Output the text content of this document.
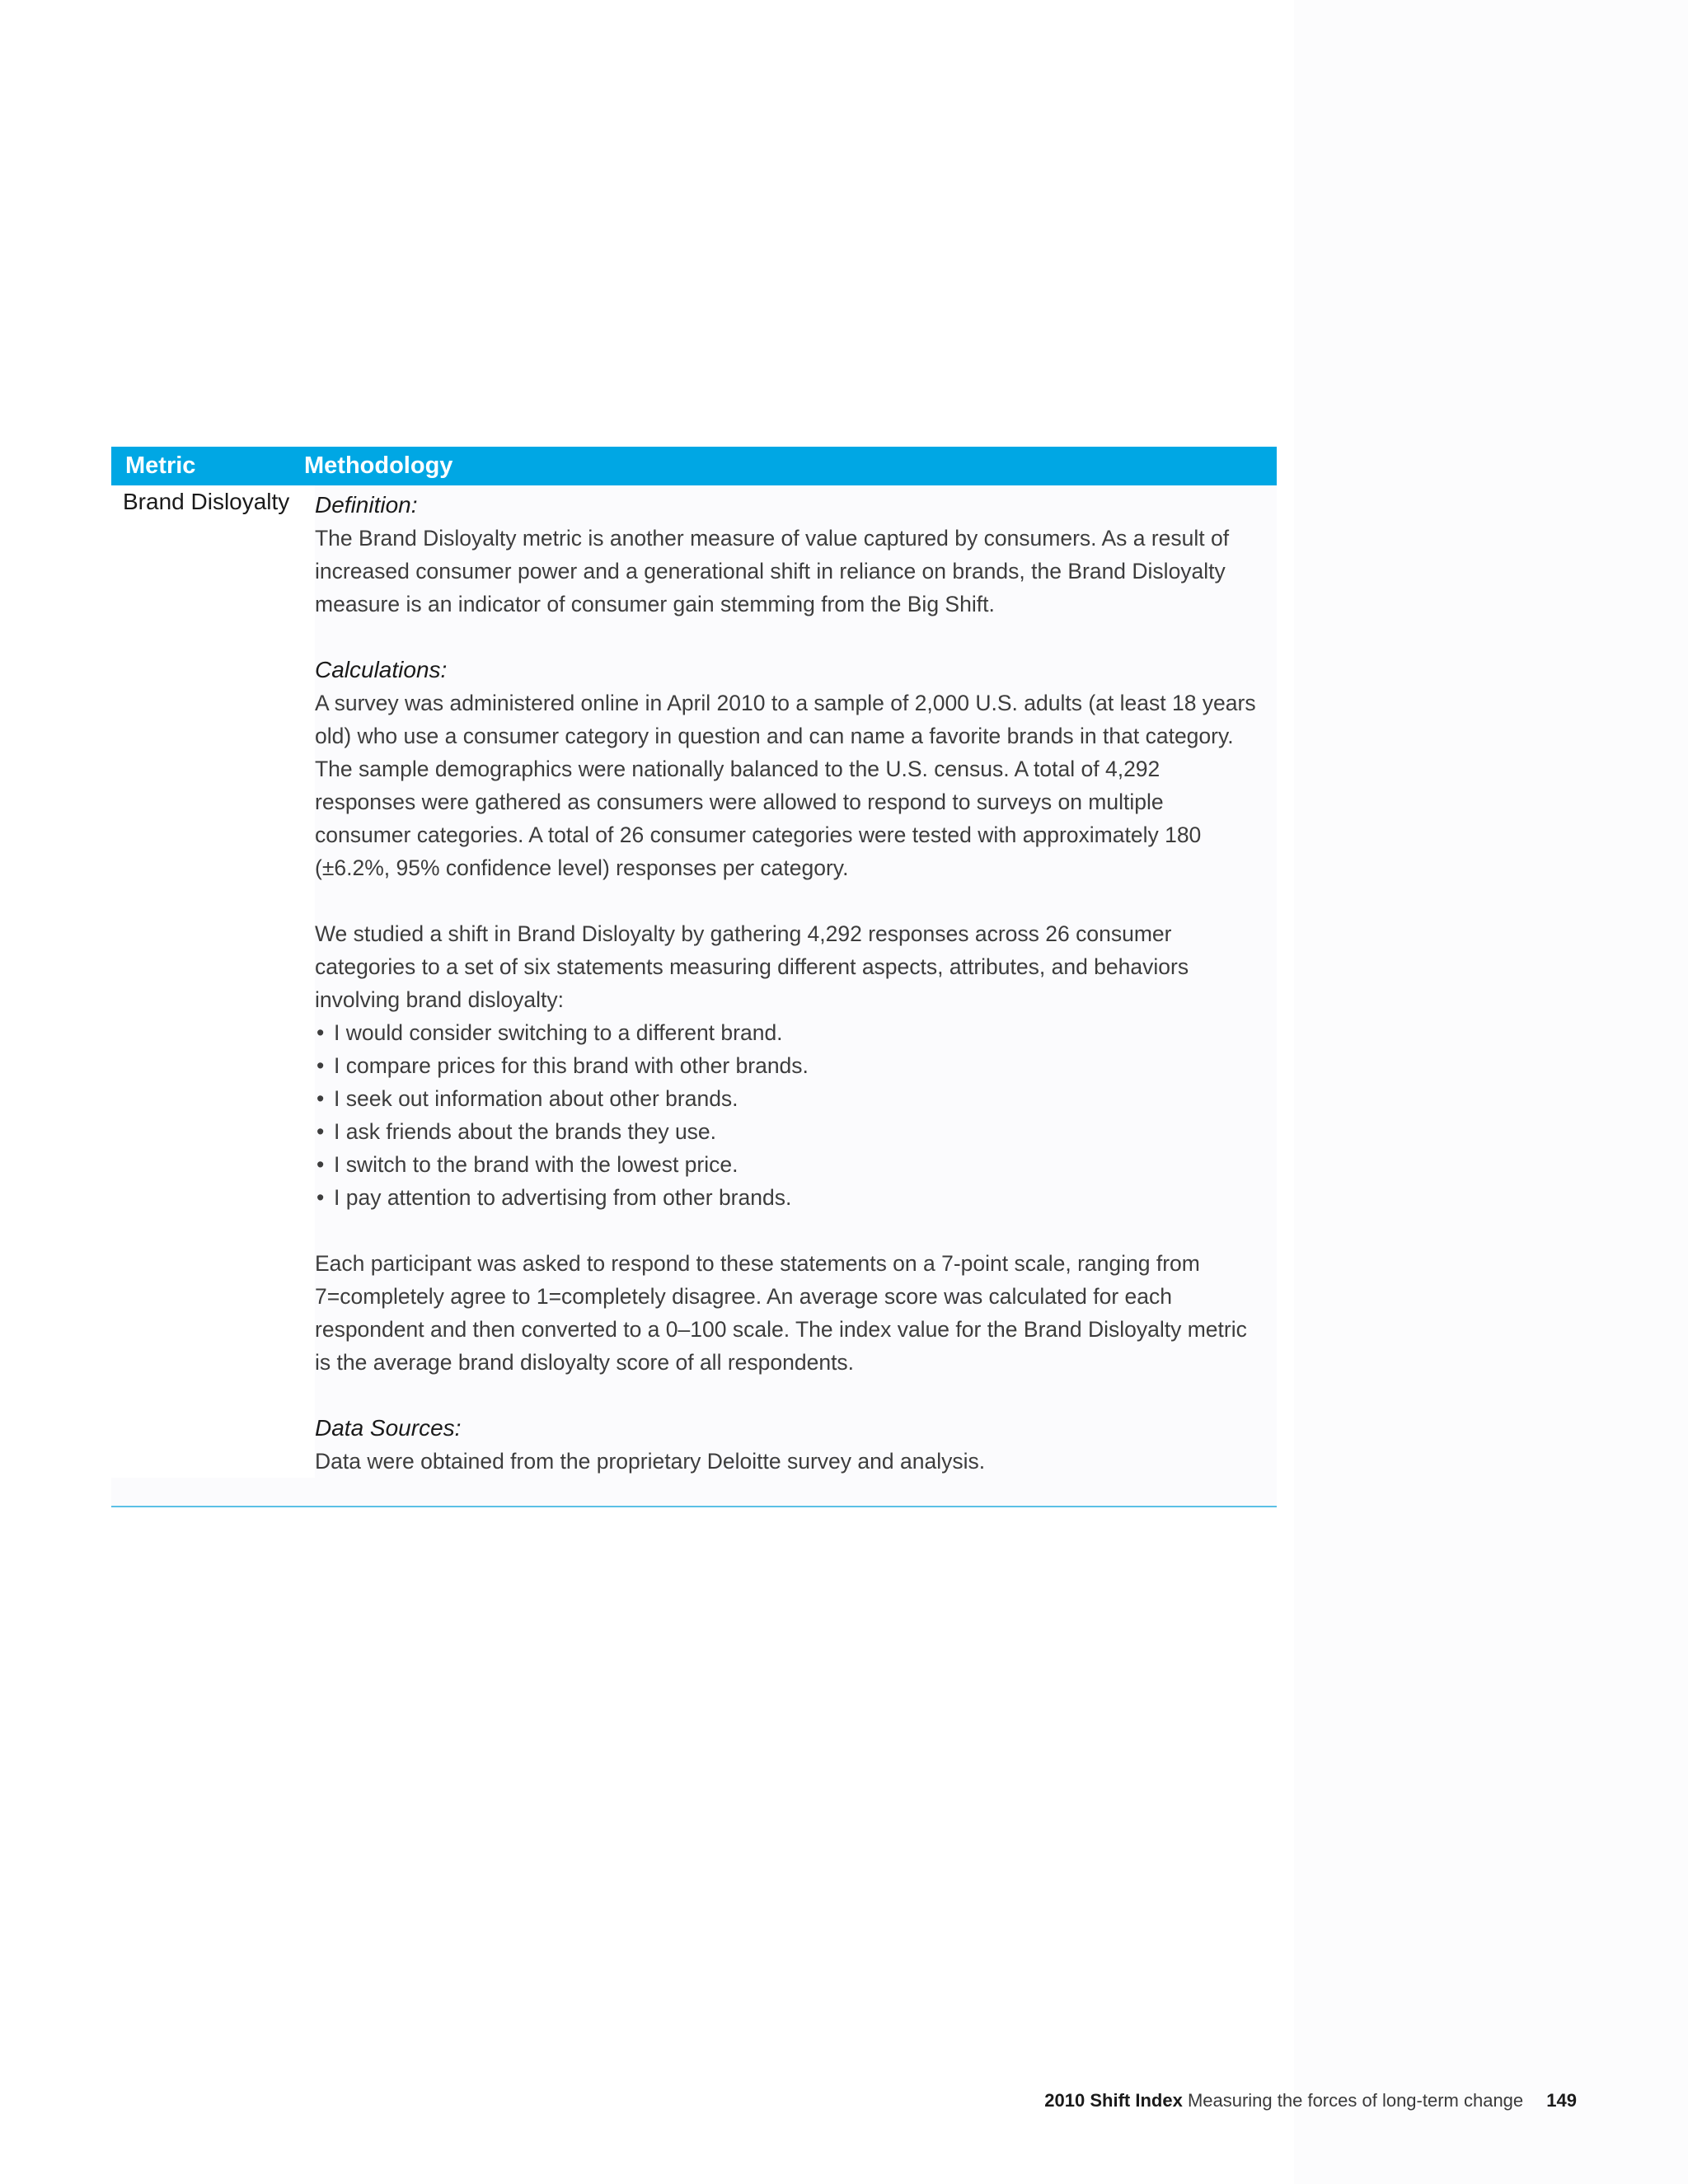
Metric	Methodology
Brand Disloyalty	Definition:

The Brand Disloyalty metric is another measure of value captured by consumers. As a result of increased consumer power and a generational shift in reliance on brands, the Brand Disloyalty measure is an indicator of consumer gain stemming from the Big Shift.

Calculations:

A survey was administered online in April 2010 to a sample of 2,000 U.S. adults (at least 18 years old) who use a consumer category in question and can name a favorite brands in that category. The sample demographics were nationally balanced to the U.S. census. A total of 4,292 responses were gathered as consumers were allowed to respond to surveys on multiple consumer categories. A total of 26 consumer categories were tested with approximately 180 (±6.2%, 95% confidence level) responses per category.

We studied a shift in Brand Disloyalty by gathering 4,292 responses across 26 consumer categories to a set of six statements measuring different aspects, attributes, and behaviors involving brand disloyalty:

• I would consider switching to a different brand.
• I compare prices for this brand with other brands.
• I seek out information about other brands.
• I ask friends about the brands they use.
• I switch to the brand with the lowest price.
• I pay attention to advertising from other brands.

Each participant was asked to respond to these statements on a 7-point scale, ranging from 7=completely agree to 1=completely disagree. An average score was calculated for each respondent and then converted to a 0–100 scale. The index value for the Brand Disloyalty metric is the average brand disloyalty score of all respondents.

Data Sources:

Data were obtained from the proprietary Deloitte survey and analysis.

2010 Shift Index Measuring the forces of long-term change 149
